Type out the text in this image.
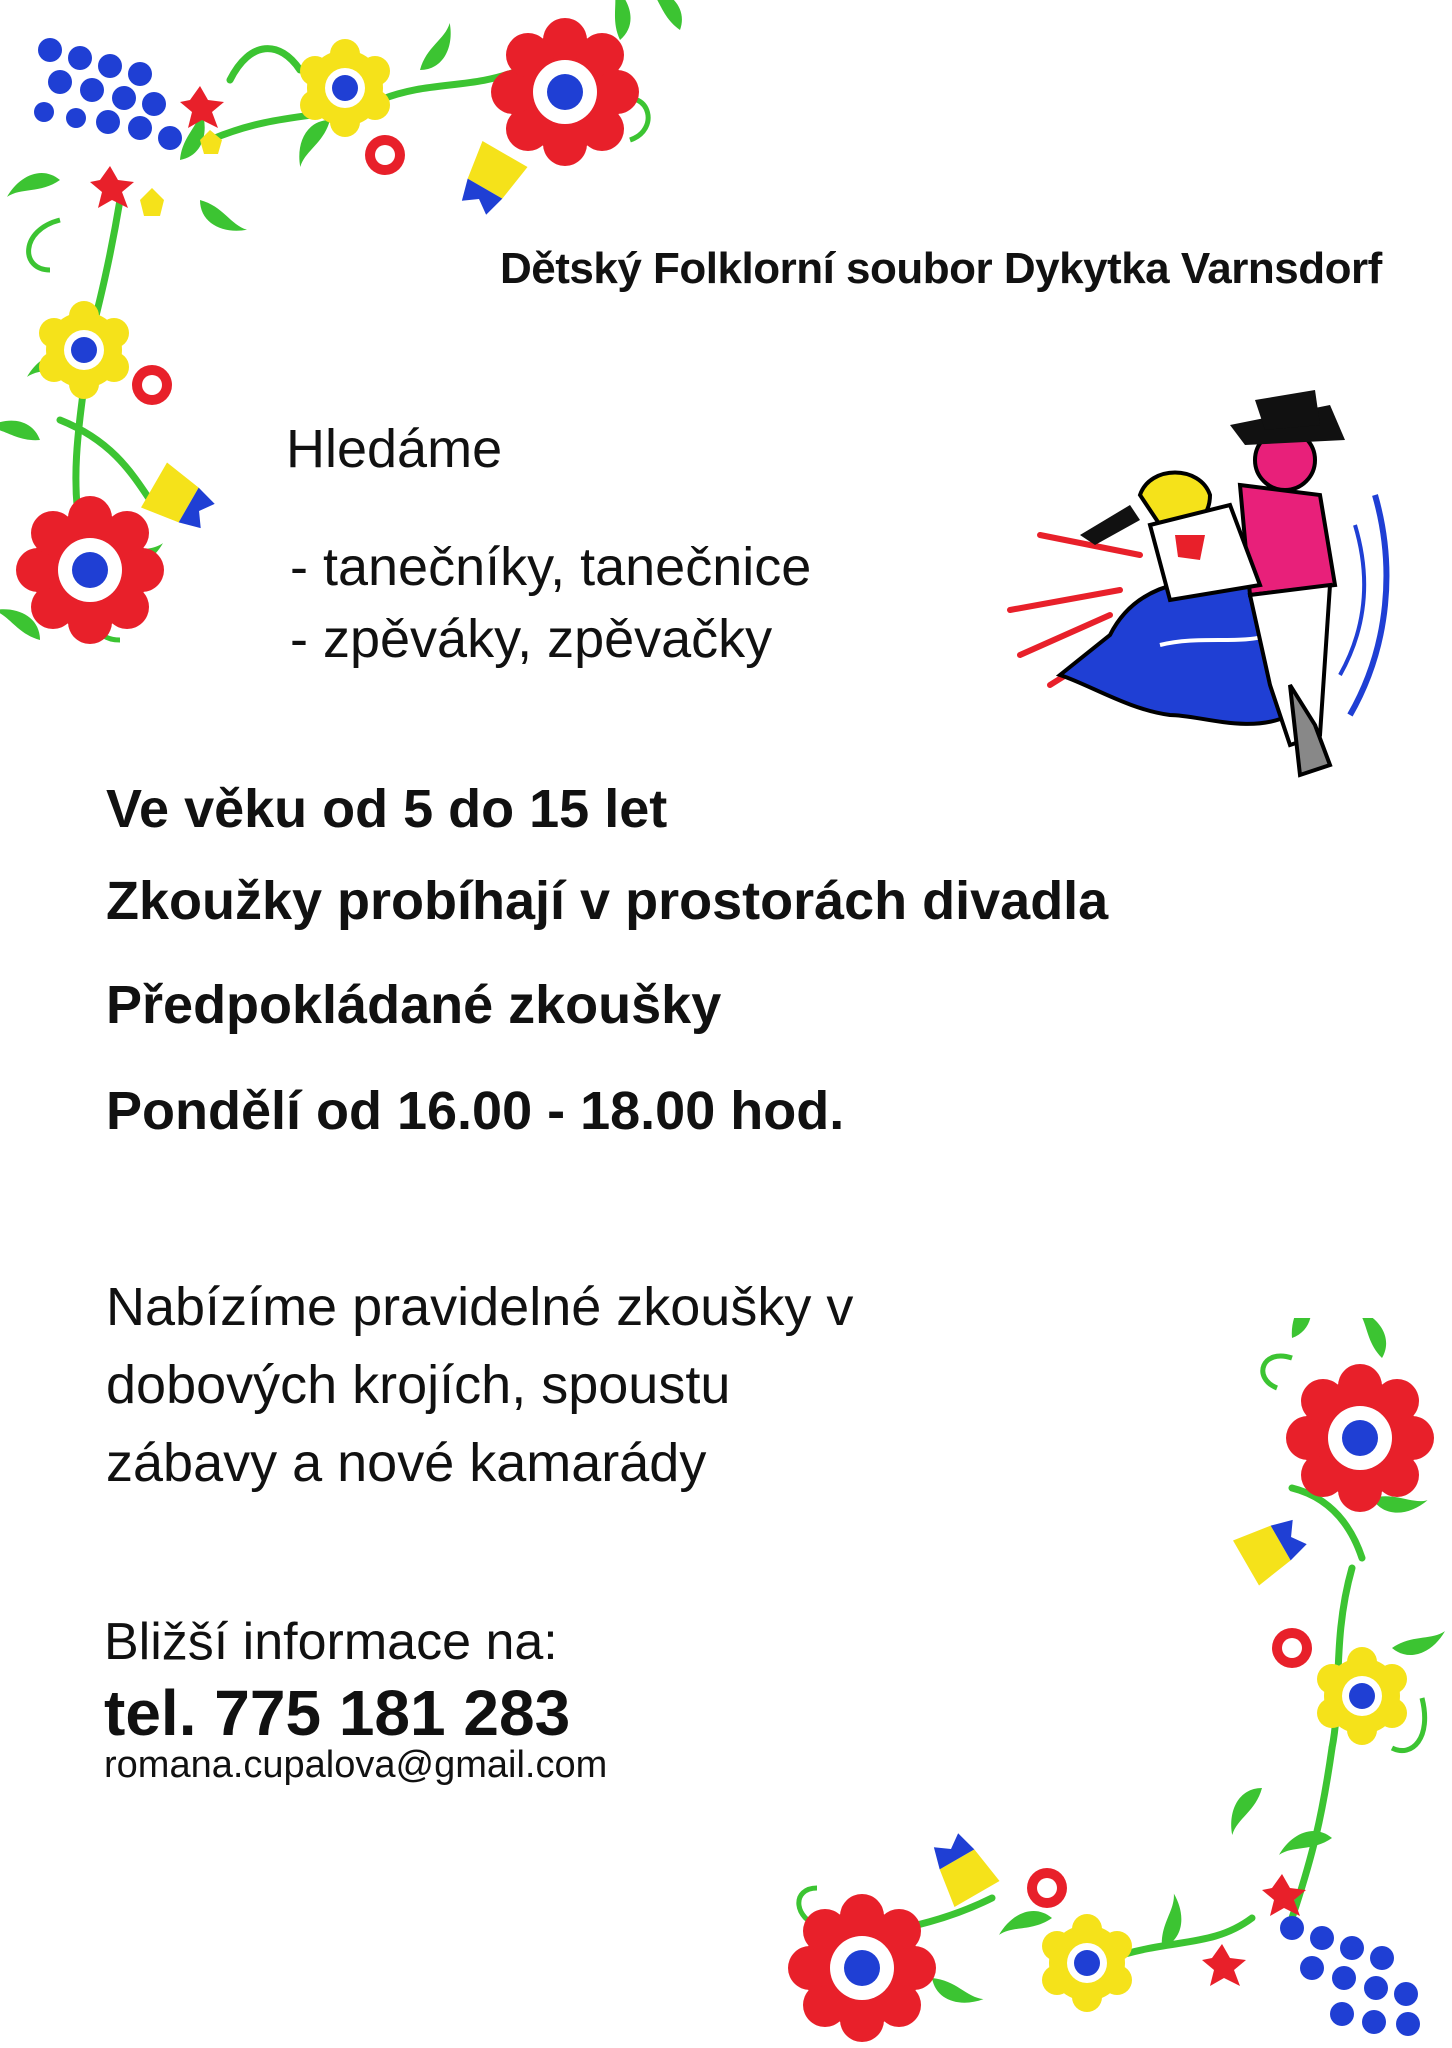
Dětský Folklorní soubor Dykytka Varnsdorf
Hledáme
- tanečníky, tanečnice
- zpěváky, zpěvačky
Ve věku od 5 do 15 let
Zkoužky probíhají v prostorách divadla
Předpokládané zkoušky
Pondělí od 16.00 - 18.00 hod.
Nabízíme pravidelné zkoušky v
dobových krojích, spoustu
zábavy a nové kamarády
Bližší informace na:
tel. 775 181 283
romana.cupalova@gmail.com
